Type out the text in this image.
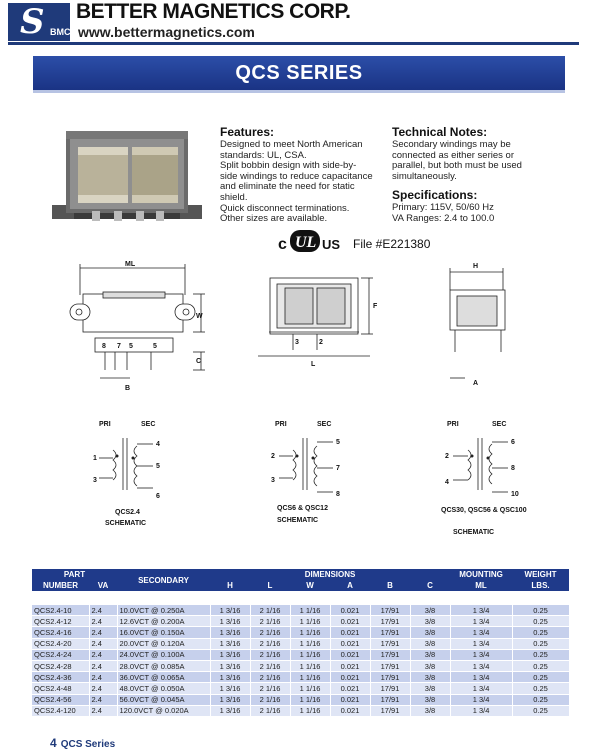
S BMC
BETTER MAGNETICS CORP.
www.bettermagnetics.com
QCS SERIES
Features:
Designed to meet North American
standards: UL, CSA.
Split bobbin design with side-by-
side windings to reduce capacitance
and eliminate the need for static
shield.
Quick disconnect terminations.
Other sizes are available.
Technical Notes:
Secondary windings may be
connected as either series or
parallel, but both must be used
simultaneously.
Specifications:
Primary: 115V, 50/60 Hz
VA Ranges: 2.4 to 100.0
c UL US File #E221380
ML
W
C
B
8 7 5	5
F
L
3	2
H
A
PRI	SEC
1
3
4
5
6
QCS2.4
SCHEMATIC
PRI	SEC
2
3
5
7
8
QCS6 & QSC12
SCHEMATIC
PRI	SEC
2
4
6
8
10
QCS30, QSC56 & QSC100
SCHEMATIC
PART		SECONDARY	DIMENSIONS						MOUNTING	WEIGHT
NUMBER	VA		H	L	W	A	B	C	ML	LBS.

QCS2.4-10	2.4	10.0VCT @ 0.250A	1 3/16	2 1/16	1 1/16	0.021	17/91	3/8	1 3/4	0.25
QCS2.4-12	2.4	12.6VCT @ 0.200A	1 3/16	2 1/16	1 1/16	0.021	17/91	3/8	1 3/4	0.25
QCS2.4-16	2.4	16.0VCT @ 0.150A	1 3/16	2 1/16	1 1/16	0.021	17/91	3/8	1 3/4	0.25
QCS2.4-20	2.4	20.0VCT @ 0.120A	1 3/16	2 1/16	1 1/16	0.021	17/91	3/8	1 3/4	0.25
QCS2.4-24	2.4	24.0VCT @ 0.100A	1 3/16	2 1/16	1 1/16	0.021	17/91	3/8	1 3/4	0.25
QCS2.4-28	2.4	28.0VCT @ 0.085A	1 3/16	2 1/16	1 1/16	0.021	17/91	3/8	1 3/4	0.25
QCS2.4-36	2.4	36.0VCT @ 0.065A	1 3/16	2 1/16	1 1/16	0.021	17/91	3/8	1 3/4	0.25
QCS2.4-48	2.4	48.0VCT @ 0.050A	1 3/16	2 1/16	1 1/16	0.021	17/91	3/8	1 3/4	0.25
QCS2.4-56	2.4	56.0VCT @ 0.045A	1 3/16	2 1/16	1 1/16	0.021	17/91	3/8	1 3/4	0.25
QCS2.4-120	2.4	120.0VCT @ 0.020A	1 3/16	2 1/16	1 1/16	0.021	17/91	3/8	1 3/4	0.25
4 QCS Series
